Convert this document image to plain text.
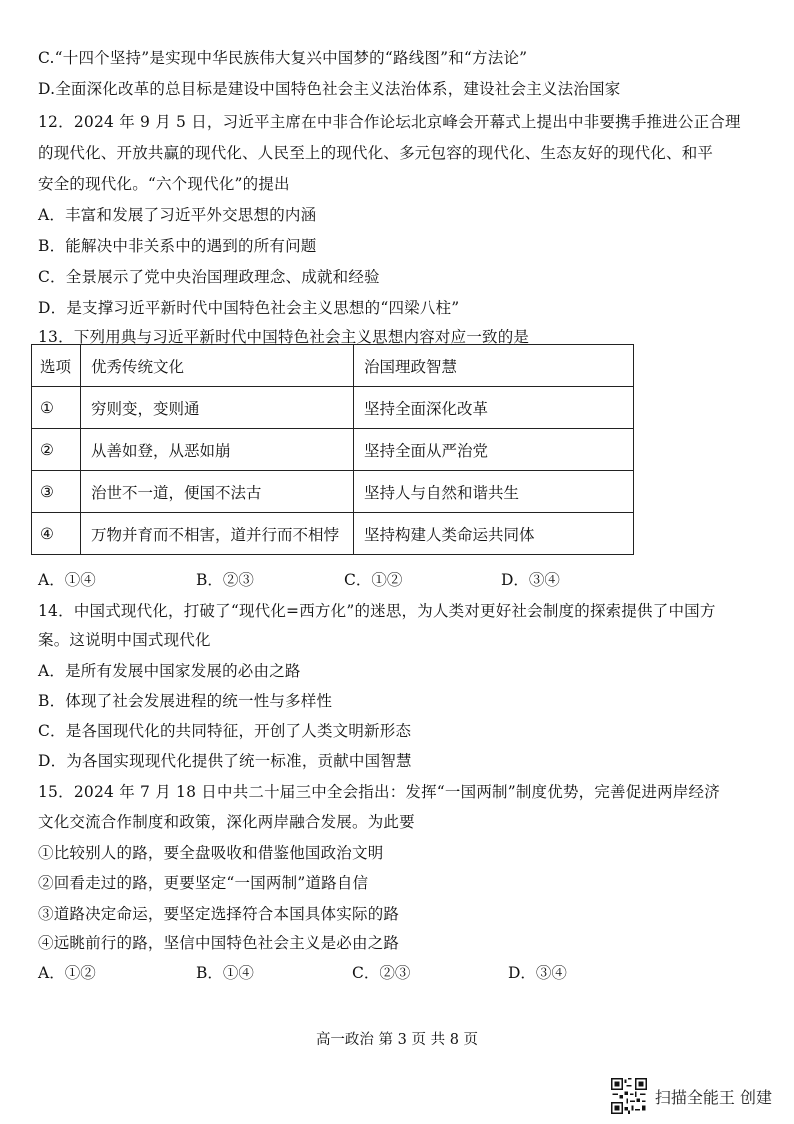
C.“十四个坚持”是实现中华民族伟大复兴中国梦的“路线图”和“方法论”
D.全面深化改革的总目标是建设中国特色社会主义法治体系，建设社会主义法治国家
12．2024 年 9 月 5 日，习近平主席在中非合作论坛北京峰会开幕式上提出中非要携手推进公正合理
的现代化、开放共赢的现代化、人民至上的现代化、多元包容的现代化、生态友好的现代化、和平
安全的现代化。“六个现代化”的提出
A．丰富和发展了习近平外交思想的内涵
B．能解决中非关系中的遇到的所有问题
C．全景展示了党中央治国理政理念、成就和经验
D．是支撑习近平新时代中国特色社会主义思想的“四梁八柱”
13．下列用典与习近平新时代中国特色社会主义思想内容对应一致的是
选项	优秀传统文化	治国理政智慧
①	穷则变，变则通	坚持全面深化改革
②	从善如登，从恶如崩	坚持全面从严治党
③	治世不一道，便国不法古	坚持人与自然和谐共生
④	万物并育而不相害，道并行而不相悖	坚持构建人类命运共同体
A．①④	B．②③	C．①②	D．③④
14．中国式现代化，打破了“现代化=西方化”的迷思，为人类对更好社会制度的探索提供了中国方
案。这说明中国式现代化
A．是所有发展中国家发展的必由之路
B．体现了社会发展进程的统一性与多样性
C．是各国现代化的共同特征，开创了人类文明新形态
D．为各国实现现代化提供了统一标准，贡献中国智慧
15．2024 年 7 月 18 日中共二十届三中全会指出：发挥“一国两制”制度优势，完善促进两岸经济
文化交流合作制度和政策，深化两岸融合发展。为此要
①比较别人的路，要全盘吸收和借鉴他国政治文明
②回看走过的路，更要坚定“一国两制”道路自信
③道路决定命运，要坚定选择符合本国具体实际的路
④远眺前行的路，坚信中国特色社会主义是必由之路
A．①②	B．①④	C．②③	D．③④
高一政治 第 3 页 共 8 页
扫描全能王 创建
